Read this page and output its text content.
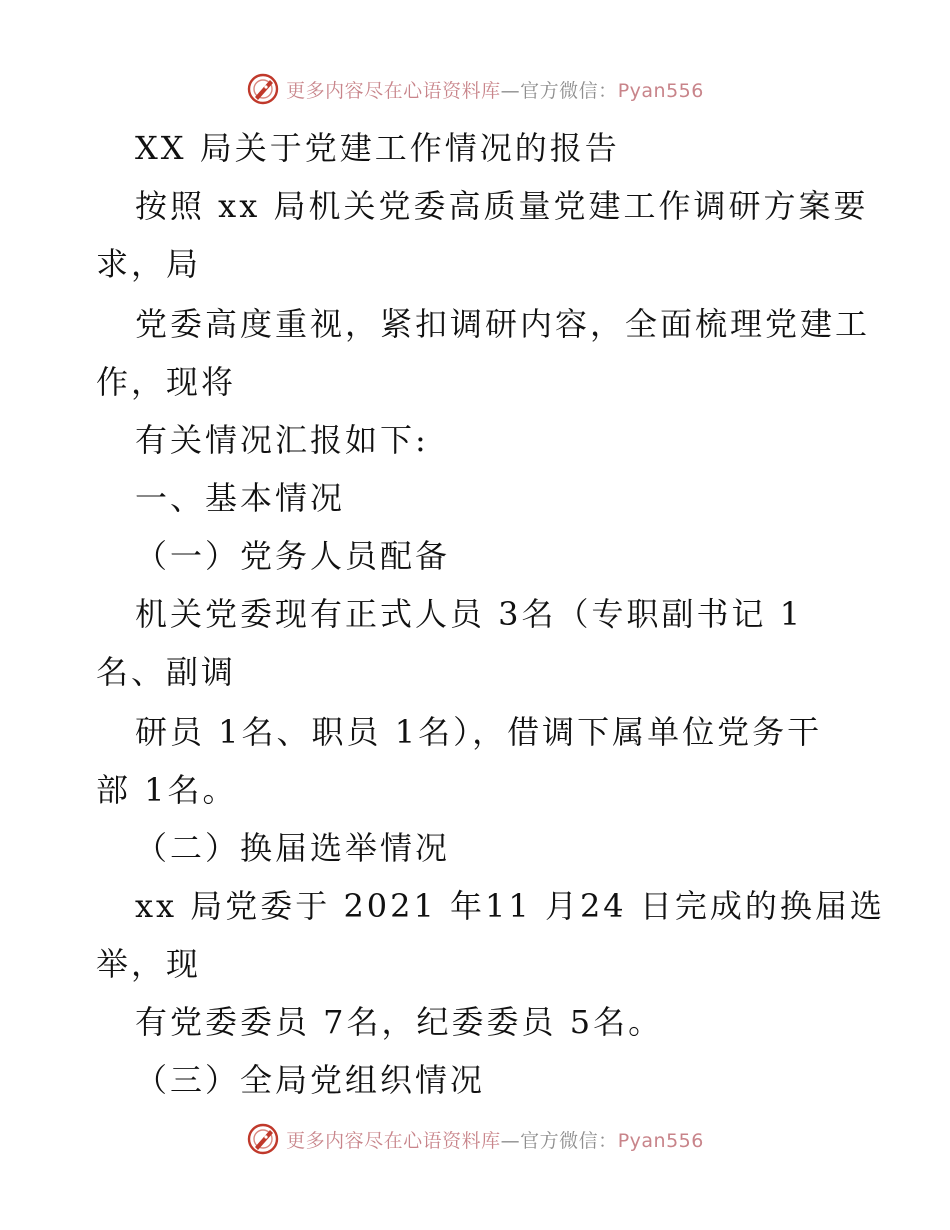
更多内容尽在心语资料库—官方微信：Pyan556
XX 局关于党建工作情况的报告
按照 xx 局机关党委高质量党建工作调研方案要
求，局
党委高度重视，紧扣调研内容，全面梳理党建工
作，现将
有关情况汇报如下:
一、基本情况
（一）党务人员配备
机关党委现有正式人员 3名（专职副书记 1
名、副调
研员 1名、职员 1名），借调下属单位党务干
部 1名。
（二）换届选举情况
xx 局党委于 2021 年11 月24 日完成的换届选
举，现
有党委委员 7名，纪委委员 5名。
（三）全局党组织情况
更多内容尽在心语资料库—官方微信：Pyan556
